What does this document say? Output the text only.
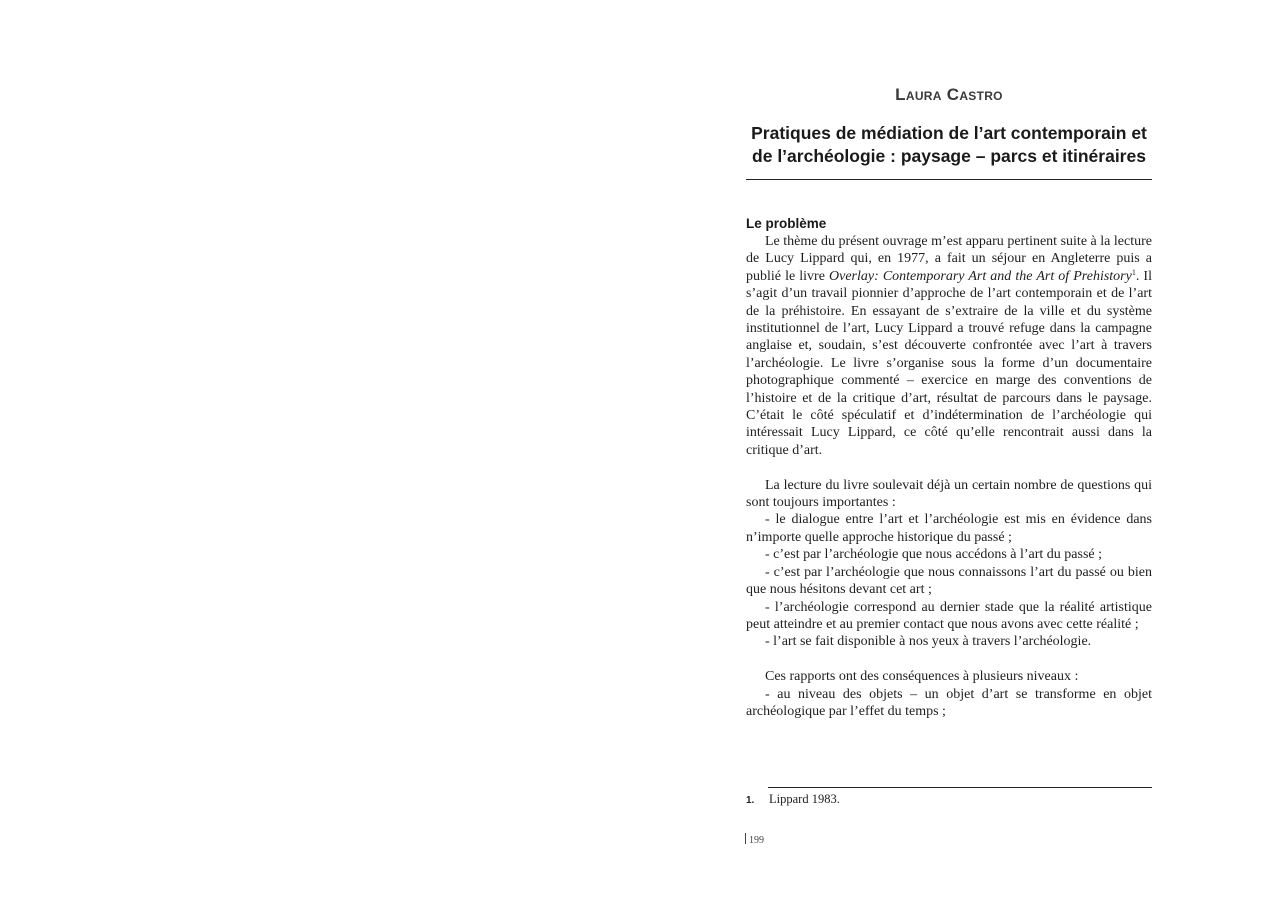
Laura Castro
Pratiques de médiation de l’art contemporain et
de l’archéologie : paysage – parcs et itinéraires
Le problème

Le thème du présent ouvrage m’est apparu pertinent suite à la lecture de Lucy Lippard qui, en 1977, a fait un séjour en Angleterre puis a publié le livre Overlay: Contemporary Art and the Art of Prehistory$^1$. Il s’agit d’un travail pionnier d’approche de l’art contemporain et de l’art de la préhistoire. En essayant de s’extraire de la ville et du système institutionnel de l’art, Lucy Lippard a trouvé refuge dans la campagne anglaise et, soudain, s’est découverte confrontée avec l’art à travers l’archéologie. Le livre s’organise sous la forme d’un documentaire photographique commenté – exercice en marge des conventions de l’histoire et de la critique d’art, résultat de parcours dans le paysage. C’était le côté spéculatif et d’indétermination de l’archéologie qui intéressait Lucy Lippard, ce côté qu’elle rencontrait aussi dans la critique d’art.

La lecture du livre soulevait déjà un certain nombre de questions qui sont toujours importantes :

- le dialogue entre l’art et l’archéologie est mis en évidence dans n’importe quelle approche historique du passé ;

- c’est par l’archéologie que nous accédons à l’art du passé ;

- c’est par l’archéologie que nous connaissons l’art du passé ou bien que nous hésitons devant cet art ;

- l’archéologie correspond au dernier stade que la réalité artistique peut atteindre et au premier contact que nous avons avec cette réalité ;

- l’art se fait disponible à nos yeux à travers l’archéologie.

Ces rapports ont des conséquences à plusieurs niveaux :

- au niveau des objets – un objet d’art se transforme en objet archéologique par l’effet du temps ;

1.	Lippard 1983.
199
